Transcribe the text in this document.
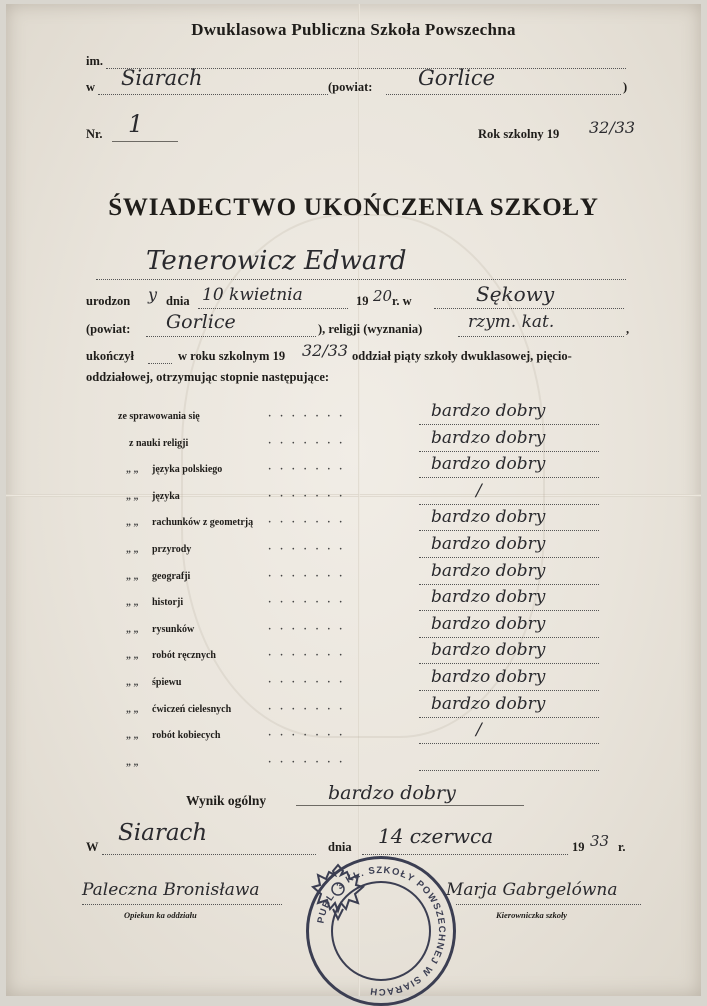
Dwuklasowa Publiczna Szkoła Powszechna
im.
w Siarach	(powiat: Gorlice	)
Nr. 1	Rok szkolny 19 32/33
ŚWIADECTWO UKOŃCZENIA SZKOŁY
Tenerowicz Edward
urodzon y dnia 10 kwietnia	19 20 r. w	Sękowy
(powiat: Gorlice	), religji (wyznania)	rzym. kat.	,
ukończył	w roku szkolnym 19 32/33 oddział piąty szkoły dwuklasowej, pięcio-
oddziałowej, otrzymując stopnie następujące:
ze sprawowania się	· · · · · · ·	bardzo dobry
z nauki religji	· · · · · · ·	bardzo dobry
„ „ języka polskiego	· · · · · · ·	bardzo dobry
„ „ języka	· · · · · · ·	/
„ „ rachunków z geometrją · · · · · · ·	bardzo dobry
„ „ przyrody	· · · · · · ·	bardzo dobry
„ „ geografji	· · · · · · ·	bardzo dobry
„ „ historji	· · · · · · ·	bardzo dobry
„ „ rysunków	· · · · · · ·	bardzo dobry
„ „ robót ręcznych	· · · · · · ·	bardzo dobry
„ „ śpiewu	· · · · · · ·	bardzo dobry
„ „ ćwiczeń cielesnych	· · · · · · ·	bardzo dobry
„ „ robót kobiecych	· · · · · · ·	/
„ „	· · · · · · ·
Wynik ogólny	bardzo dobry
W
Siarach
dnia 14 czerwca	19 33 r.
Paleczna Bronisława
Opiekun ka oddziału
Marja Gabrgelówna
Kierowniczka szkoły
PUBL. 3 KL. SZKOŁY POWSZECHNEJ W SIARACH
